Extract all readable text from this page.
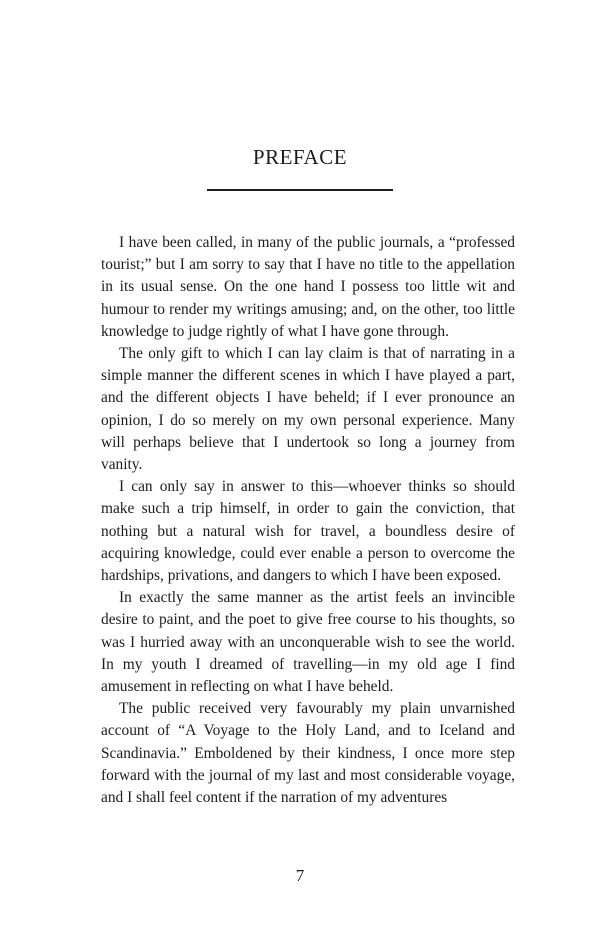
PREFACE

I have been called, in many of the public journals, a “professed tourist;” but I am sorry to say that I have no title to the appellation in its usual sense. On the one hand I possess too little wit and humour to render my writings amusing; and, on the other, too little knowledge to judge rightly of what I have gone through.

The only gift to which I can lay claim is that of narrating in a simple manner the different scenes in which I have played a part, and the different objects I have beheld; if I ever pronounce an opinion, I do so merely on my own personal experience. Many will perhaps believe that I undertook so long a journey from vanity.

I can only say in answer to this—whoever thinks so should make such a trip himself, in order to gain the conviction, that nothing but a natural wish for travel, a boundless desire of acquiring knowledge, could ever enable a person to overcome the hardships, privations, and dangers to which I have been exposed.

In exactly the same manner as the artist feels an invincible desire to paint, and the poet to give free course to his thoughts, so was I hurried away with an unconquerable wish to see the world. In my youth I dreamed of travelling—in my old age I find amusement in reflecting on what I have beheld.

The public received very favourably my plain unvarnished account of “A Voyage to the Holy Land, and to Iceland and Scandinavia.” Emboldened by their kindness, I once more step forward with the journal of my last and most considerable voyage, and I shall feel content if the narration of my adventures

7
